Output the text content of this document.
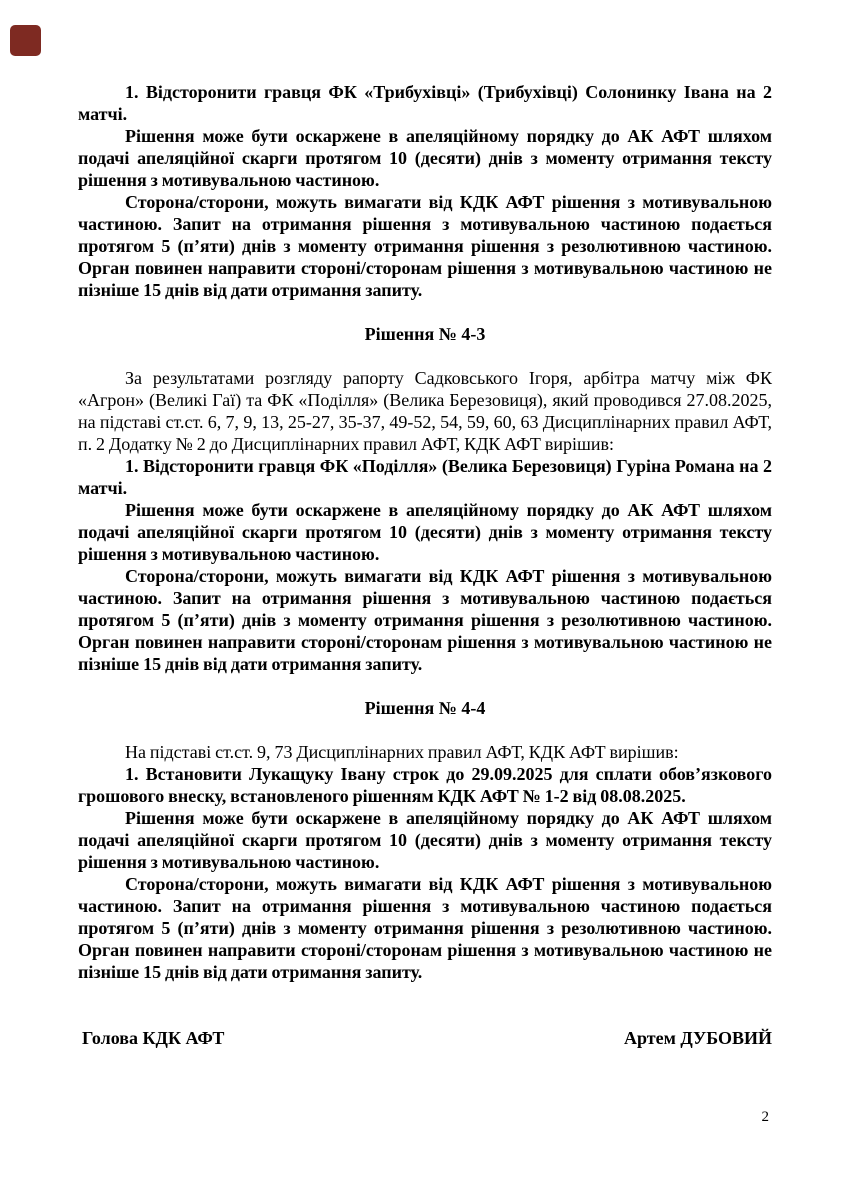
1. Відсторонити гравця ФК «Трибухівці» (Трибухівці) Солонинку Івана на 2 матчі.

Рішення може бути оскаржене в апеляційному порядку до АК АФТ шляхом подачі апеляційної скарги протягом 10 (десяти) днів з моменту отримання тексту рішення з мотивувальною частиною.

Сторона/сторони, можуть вимагати від КДК АФТ рішення з мотивувальною частиною. Запит на отримання рішення з мотивувальною частиною подається протягом 5 (п’яти) днів з моменту отримання рішення з резолютивною частиною. Орган повинен направити стороні/сторонам рішення з мотивувальною частиною не пізніше 15 днів від дати отримання запиту.

Рішення № 4-3

За результатами розгляду рапорту Садковського Ігоря, арбітра матчу між ФК «Агрон» (Великі Гаї) та ФК «Поділля» (Велика Березовиця), який проводився 27.08.2025, на підставі ст.ст. 6, 7, 9, 13, 25-27, 35-37, 49-52, 54, 59, 60, 63 Дисциплінарних правил АФТ, п. 2 Додатку № 2 до Дисциплінарних правил АФТ, КДК АФТ вирішив:

1. Відсторонити гравця ФК «Поділля» (Велика Березовиця) Гуріна Романа на 2 матчі.

Рішення може бути оскаржене в апеляційному порядку до АК АФТ шляхом подачі апеляційної скарги протягом 10 (десяти) днів з моменту отримання тексту рішення з мотивувальною частиною.

Сторона/сторони, можуть вимагати від КДК АФТ рішення з мотивувальною частиною. Запит на отримання рішення з мотивувальною частиною подається протягом 5 (п’яти) днів з моменту отримання рішення з резолютивною частиною. Орган повинен направити стороні/сторонам рішення з мотивувальною частиною не пізніше 15 днів від дати отримання запиту.

Рішення № 4-4

На підставі ст.ст. 9, 73 Дисциплінарних правил АФТ, КДК АФТ вирішив:

1. Встановити Лукащуку Івану строк до 29.09.2025 для сплати обов’язкового грошового внеску, встановленого рішенням КДК АФТ № 1-2 від 08.08.2025.

Рішення може бути оскаржене в апеляційному порядку до АК АФТ шляхом подачі апеляційної скарги протягом 10 (десяти) днів з моменту отримання тексту рішення з мотивувальною частиною.

Сторона/сторони, можуть вимагати від КДК АФТ рішення з мотивувальною частиною. Запит на отримання рішення з мотивувальною частиною подається протягом 5 (п’яти) днів з моменту отримання рішення з резолютивною частиною. Орган повинен направити стороні/сторонам рішення з мотивувальною частиною не пізніше 15 днів від дати отримання запиту.

Голова КДК АФТ	Артем ДУБОВИЙ
2
